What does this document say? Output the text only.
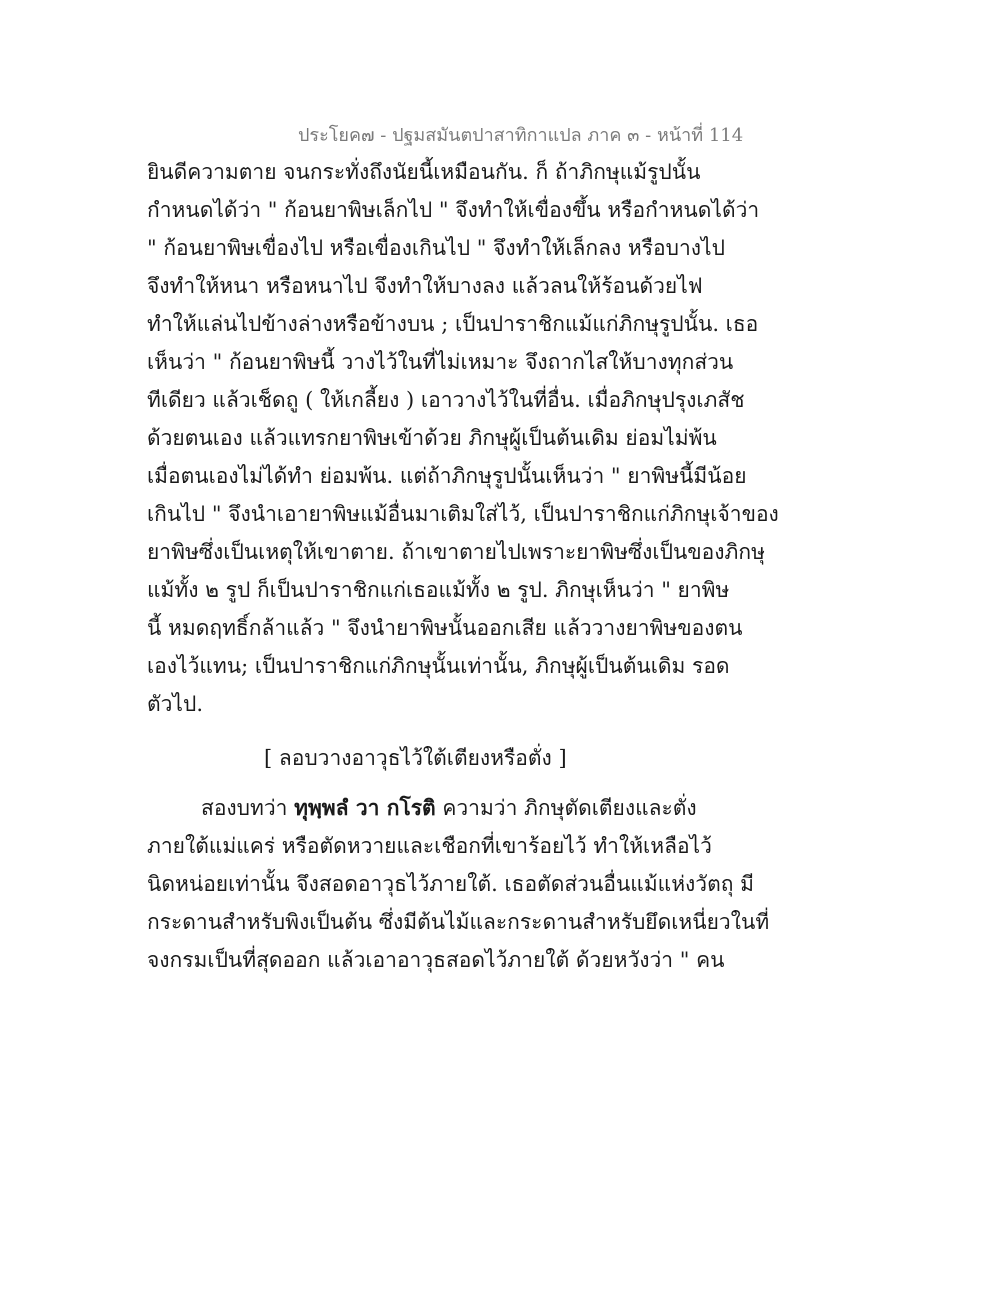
ประโยค๗ - ปฐมสมันตปาสาทิกาแปล ภาค ๓ - หน้าที่ 114
ยินดีความตาย จนกระทั่งถึงนัยนี้เหมือนกัน. ก็ ถ้าภิกษุแม้รูปนั้น
กำหนดได้ว่า " ก้อนยาพิษเล็กไป " จึงทำให้เขื่องขึ้น หรือกำหนดได้ว่า
" ก้อนยาพิษเขื่องไป หรือเขื่องเกินไป " จึงทำให้เล็กลง หรือบางไป
จึงทำให้หนา หรือหนาไป จึงทำให้บางลง แล้วลนให้ร้อนด้วยไฟ
ทำให้แล่นไปข้างล่างหรือข้างบน ; เป็นปาราชิกแม้แก่ภิกษุรูปนั้น. เธอ
เห็นว่า " ก้อนยาพิษนี้ วางไว้ในที่ไม่เหมาะ จึงถากไสให้บางทุกส่วน
ทีเดียว แล้วเช็ดถู ( ให้เกลี้ยง ) เอาวางไว้ในที่อื่น. เมื่อภิกษุปรุงเภสัช
ด้วยตนเอง แล้วแทรกยาพิษเข้าด้วย ภิกษุผู้เป็นต้นเดิม ย่อมไม่พ้น
เมื่อตนเองไม่ได้ทำ ย่อมพ้น. แต่ถ้าภิกษุรูปนั้นเห็นว่า " ยาพิษนี้มีน้อย
เกินไป " จึงนำเอายาพิษแม้อื่นมาเติมใส่ไว้, เป็นปาราชิกแก่ภิกษุเจ้าของ
ยาพิษซึ่งเป็นเหตุให้เขาตาย. ถ้าเขาตายไปเพราะยาพิษซึ่งเป็นของภิกษุ
แม้ทั้ง ๒ รูป ก็เป็นปาราชิกแก่เธอแม้ทั้ง ๒ รูป. ภิกษุเห็นว่า " ยาพิษ
นี้ หมดฤทธิ์กล้าแล้ว " จึงนำยาพิษนั้นออกเสีย แล้ววางยาพิษของตน
เองไว้แทน; เป็นปาราชิกแก่ภิกษุนั้นเท่านั้น, ภิกษุผู้เป็นต้นเดิม รอด
ตัวไป.
[ ลอบวางอาวุธไว้ใต้เตียงหรือตั่ง ]
สองบทว่า ทุพฺพลํ วา กโรติ ความว่า ภิกษุตัดเตียงและตั่ง
ภายใต้แม่แคร่ หรือตัดหวายและเชือกที่เขาร้อยไว้ ทำให้เหลือไว้
นิดหน่อยเท่านั้น จึงสอดอาวุธไว้ภายใต้. เธอตัดส่วนอื่นแม้แห่งวัตถุ มี
กระดานสำหรับพิงเป็นต้น ซึ่งมีต้นไม้และกระดานสำหรับยึดเหนี่ยวในที่
จงกรมเป็นที่สุดออก แล้วเอาอาวุธสอดไว้ภายใต้ ด้วยหวังว่า " คน
